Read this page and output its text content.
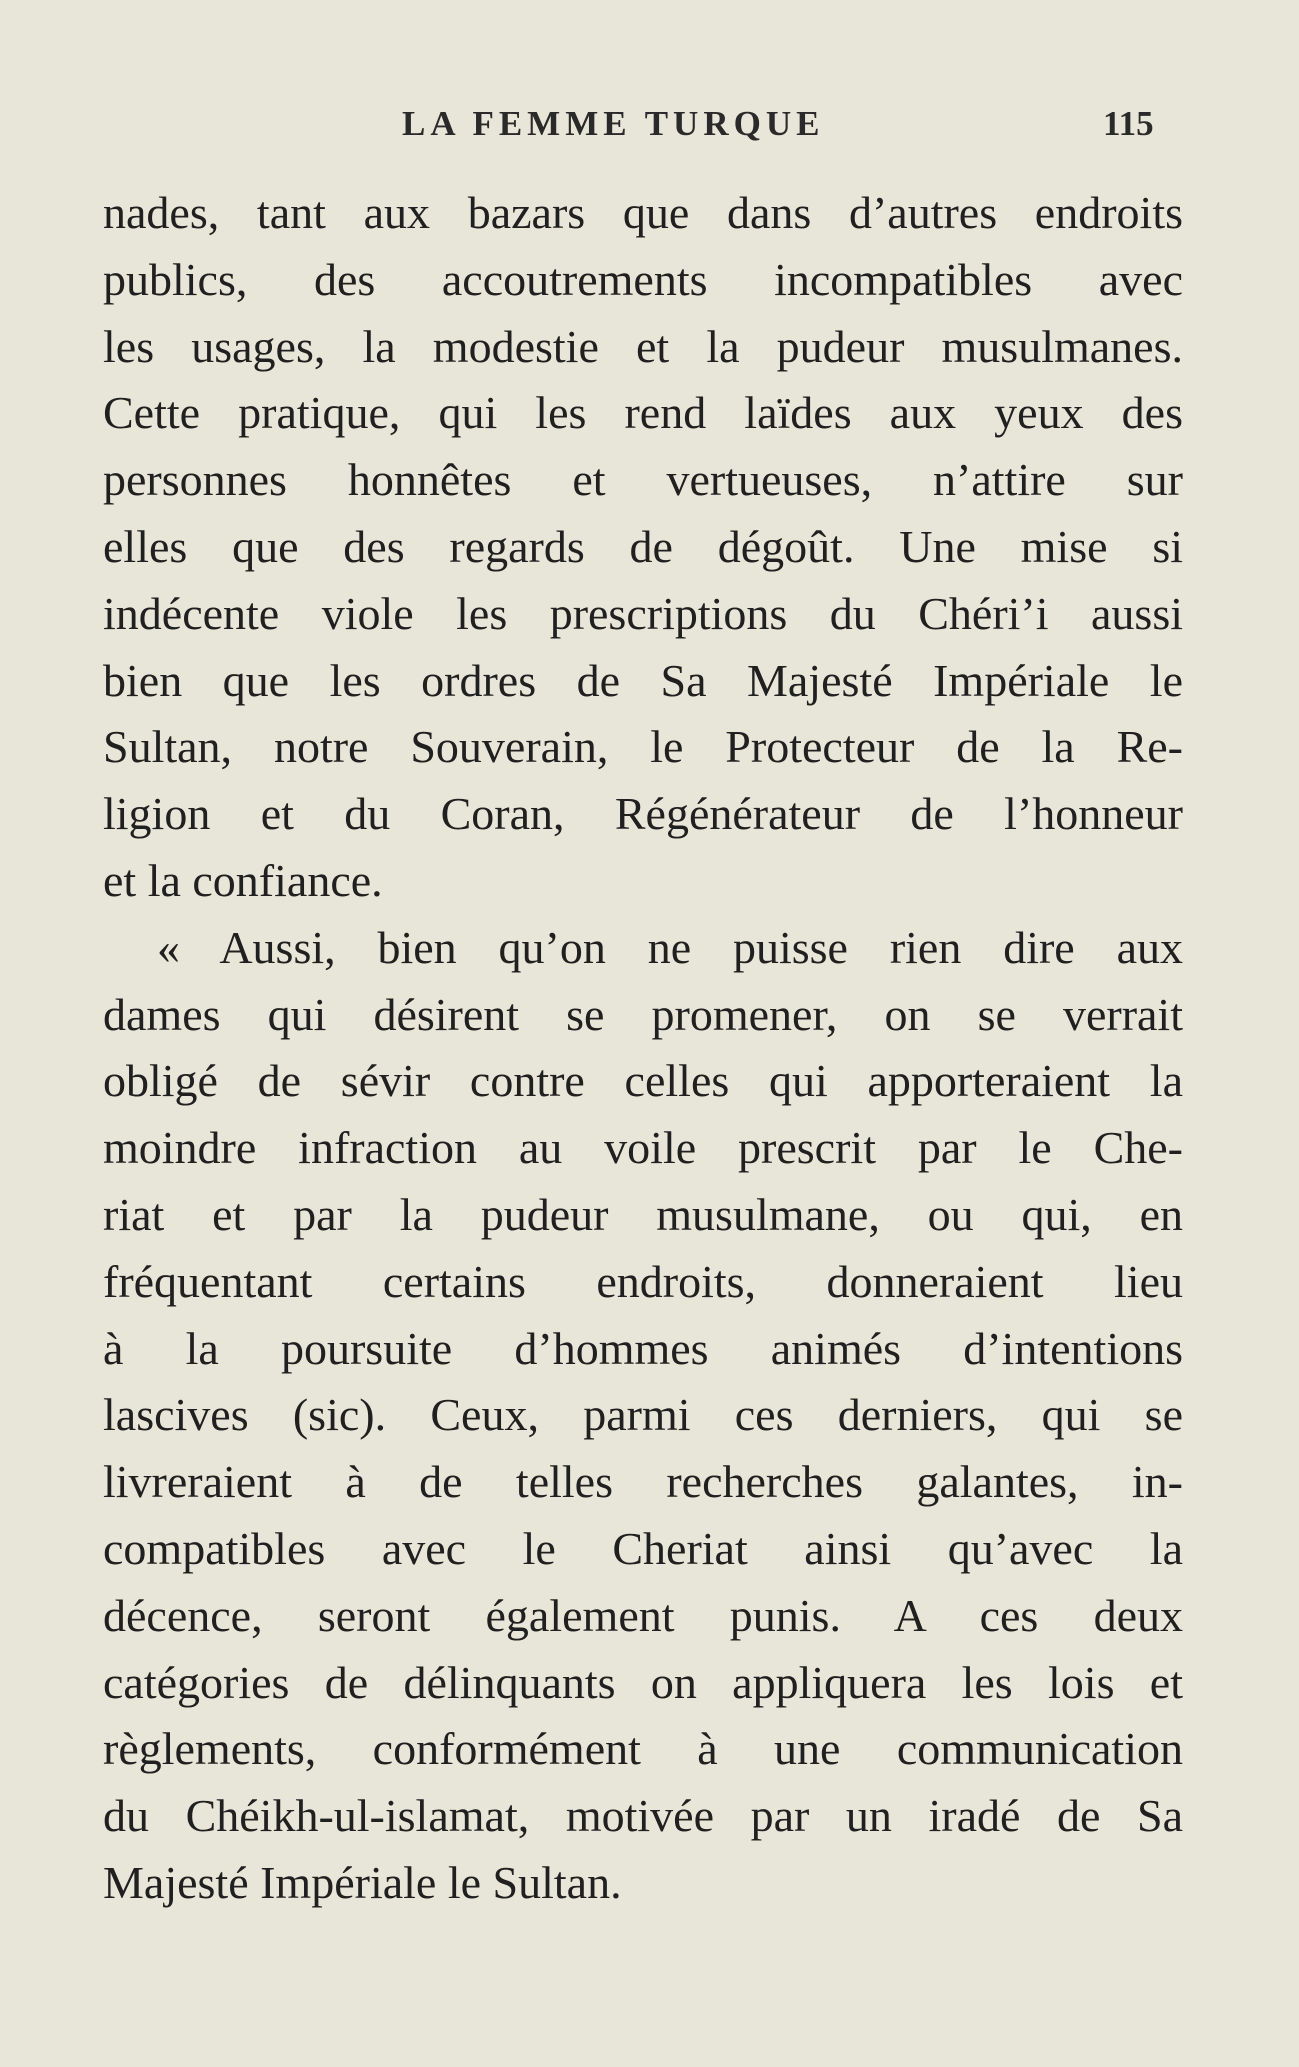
LA FEMME TURQUE	115
nades, tant aux bazars que dans d’autres endroits
publics, des accoutrements incompatibles avec
les usages, la modestie et la pudeur musulmanes.
Cette pratique, qui les rend laïdes aux yeux des
personnes honnêtes et vertueuses, n’attire sur
elles que des regards de dégoût. Une mise si
indécente viole les prescriptions du Chéri’i aussi
bien que les ordres de Sa Majesté Impériale le
Sultan, notre Souverain, le Protecteur de la Re-
ligion et du Coran, Régénérateur de l’honneur
et la confiance.
« Aussi, bien qu’on ne puisse rien dire aux
dames qui désirent se promener, on se verrait
obligé de sévir contre celles qui apporteraient la
moindre infraction au voile prescrit par le Che-
riat et par la pudeur musulmane, ou qui, en
fréquentant certains endroits, donneraient lieu
à la poursuite d’hommes animés d’intentions
lascives (sic). Ceux, parmi ces derniers, qui se
livreraient à de telles recherches galantes, in-
compatibles avec le Cheriat ainsi qu’avec la
décence, seront également punis. A ces deux
catégories de délinquants on appliquera les lois et
règlements, conformément à une communication
du Chéikh-ul-islamat, motivée par un iradé de Sa
Majesté Impériale le Sultan.
